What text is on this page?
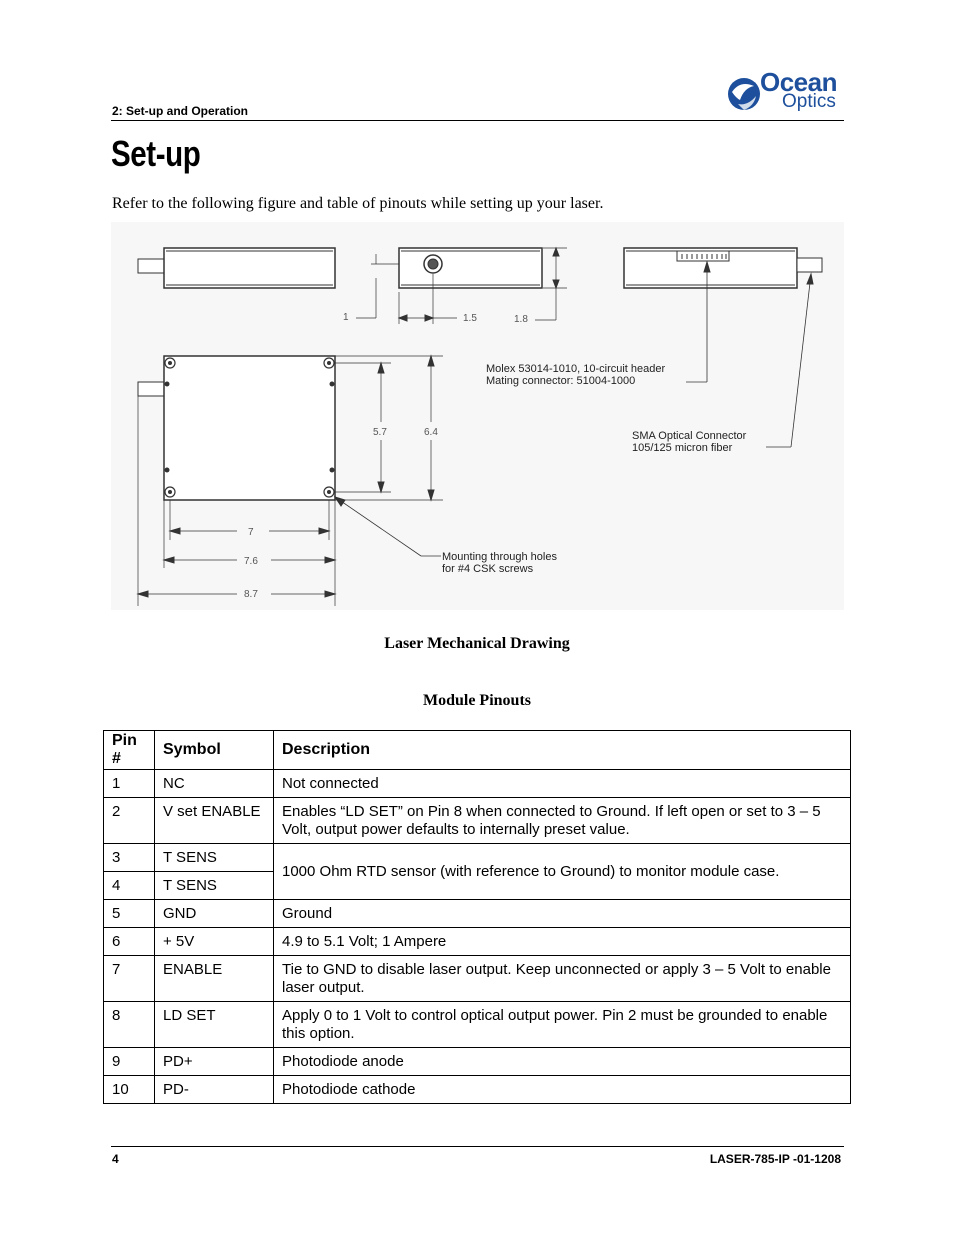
2: Set-up and Operation
Ocean
Optics
Set-up
Refer to the following figure and table of pinouts while setting up your laser.
1	1.5	1.8
Molex 53014-1010, 10-circuit header
Mating connector: 51004-1000
SMA Optical Connector
105/125 micron fiber
5.7	6.4
7
7.6
8.7
Mounting through holes
for #4 CSK screws
Laser Mechanical Drawing
Module Pinouts
Pin #	Symbol	Description
1	NC	Not connected
2	V set ENABLE	Enables “LD SET” on Pin 8 when connected to Ground. If left open or set to 3 – 5 Volt, output power defaults to internally preset value.
3	T SENS	1000 Ohm RTD sensor (with reference to Ground) to monitor module case.
4	T SENS	
5	GND	Ground
6	+ 5V	4.9 to 5.1 Volt; 1 Ampere
7	ENABLE	Tie to GND to disable laser output. Keep unconnected or apply 3 – 5 Volt to enable laser output.
8	LD SET	Apply 0 to 1 Volt to control optical output power. Pin 2 must be grounded to enable this option.
9	PD+	Photodiode anode
10	PD-	Photodiode cathode
4	LASER-785-IP -01-1208
